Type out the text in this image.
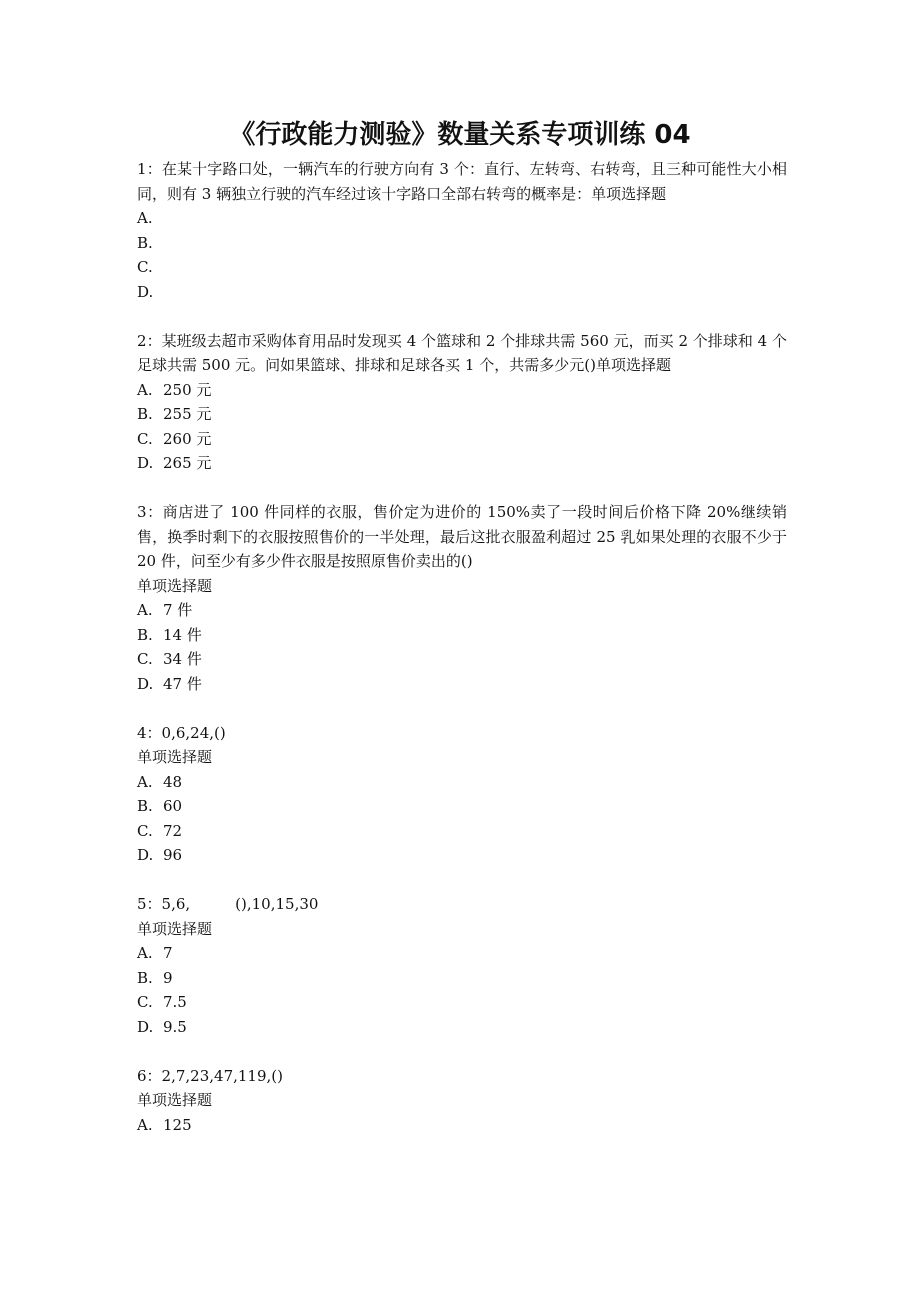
《行政能力测验》数量关系专项训练 04

1：在某十字路口处，一辆汽车的行驶方向有 3 个：直行、左转弯、右转弯，且三种可能性大小相同，则有 3 辆独立行驶的汽车经过该十字路口全部右转弯的概率是：单项选择题

A.
B.
C.
D.

2：某班级去超市采购体育用品时发现买 4 个篮球和 2 个排球共需 560 元，而买 2 个排球和 4 个足球共需 500 元。问如果篮球、排球和足球各买 1 个，共需多少元()单项选择题

A. 250 元
B. 255 元
C. 260 元
D. 265 元

3：商店进了 100 件同样的衣服，售价定为进价的 150%卖了一段时间后价格下降 20%继续销售，换季时剩下的衣服按照售价的一半处理，最后这批衣服盈利超过 25 乳如果处理的衣服不少于 20 件，问至少有多少件衣服是按照原售价卖出的()

单项选择题

A. 7 件
B. 14 件
C. 34 件
D. 47 件

4：0,6,24,()

单项选择题

A. 48
B. 60
C. 72
D. 96

5：5,6,　　　(),10,15,30

单项选择题

A. 7
B. 9
C. 7.5
D. 9.5

6：2,7,23,47,119,()

单项选择题

A. 125
